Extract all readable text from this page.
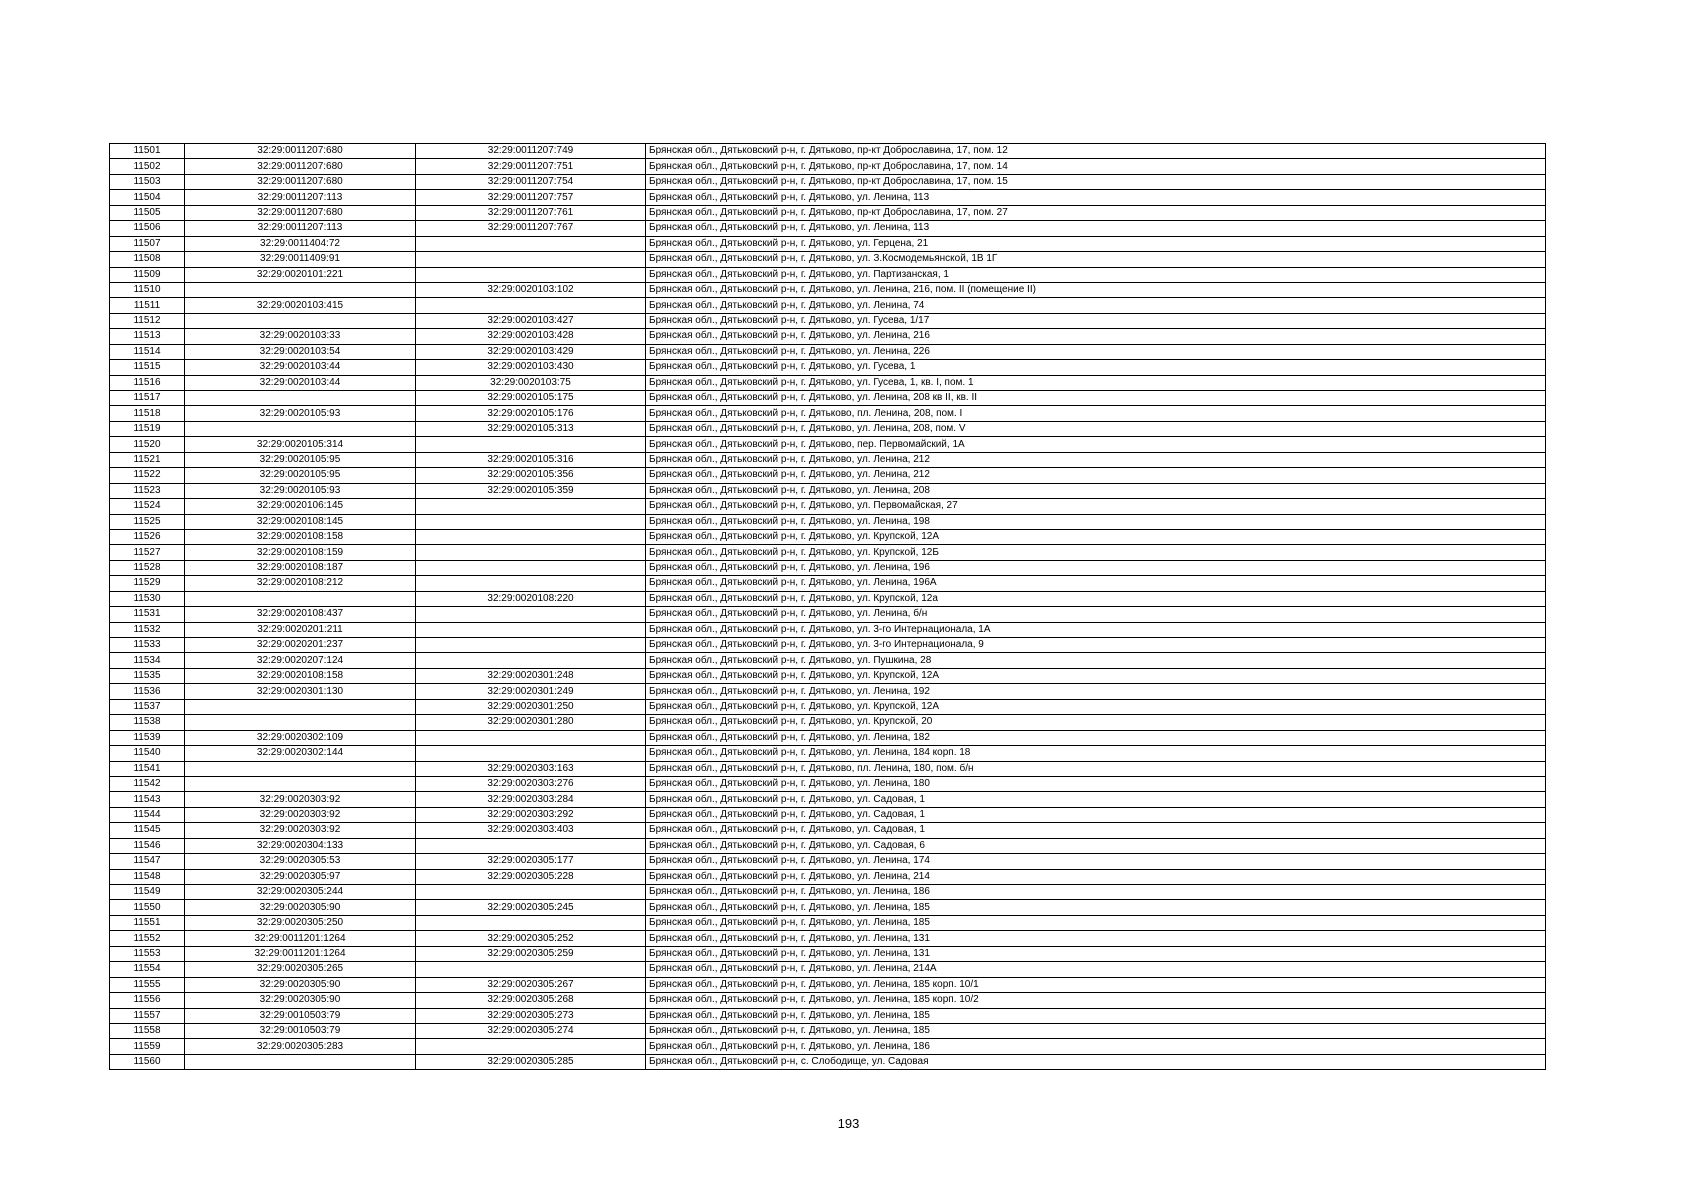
11501	32:29:0011207:680	32:29:0011207:749	Брянская обл., Дятьковский р-н, г. Дятьково, пр-кт Доброславина, 17, пом. 12
11502	32:29:0011207:680	32:29:0011207:751	Брянская обл., Дятьковский р-н, г. Дятьково, пр-кт Доброславина, 17, пом. 14
11503	32:29:0011207:680	32:29:0011207:754	Брянская обл., Дятьковский р-н, г. Дятьково, пр-кт Доброславина, 17, пом. 15
11504	32:29:0011207:113	32:29:0011207:757	Брянская обл., Дятьковский р-н, г. Дятьково, ул. Ленина, 113
11505	32:29:0011207:680	32:29:0011207:761	Брянская обл., Дятьковский р-н, г. Дятьково, пр-кт Доброславина, 17, пом. 27
11506	32:29:0011207:113	32:29:0011207:767	Брянская обл., Дятьковский р-н, г. Дятьково, ул. Ленина, 113
11507	32:29:0011404:72		Брянская обл., Дятьковский р-н, г. Дятьково, ул. Герцена, 21
11508	32:29:0011409:91		Брянская обл., Дятьковский р-н, г. Дятьково, ул. З.Космодемьянской, 1В 1Г
11509	32:29:0020101:221		Брянская обл., Дятьковский р-н, г. Дятьково, ул. Партизанская, 1
11510		32:29:0020103:102	Брянская обл., Дятьковский р-н, г. Дятьково, ул. Ленина, 216, пом. II (помещение II)
11511	32:29:0020103:415		Брянская обл., Дятьковский р-н, г. Дятьково, ул. Ленина, 74
11512		32:29:0020103:427	Брянская обл., Дятьковский р-н, г. Дятьково, ул. Гусева, 1/17
11513	32:29:0020103:33	32:29:0020103:428	Брянская обл., Дятьковский р-н, г. Дятьково, ул. Ленина, 216
11514	32:29:0020103:54	32:29:0020103:429	Брянская обл., Дятьковский р-н, г. Дятьково, ул. Ленина, 226
11515	32:29:0020103:44	32:29:0020103:430	Брянская обл., Дятьковский р-н, г. Дятьково, ул. Гусева, 1
11516	32:29:0020103:44	32:29:0020103:75	Брянская обл., Дятьковский р-н, г. Дятьково, ул. Гусева, 1, кв. I, пом. 1
11517		32:29:0020105:175	Брянская обл., Дятьковский р-н, г. Дятьково, ул. Ленина, 208 кв II, кв. II
11518	32:29:0020105:93	32:29:0020105:176	Брянская обл., Дятьковский р-н, г. Дятьково, пл. Ленина, 208, пом. I
11519		32:29:0020105:313	Брянская обл., Дятьковский р-н, г. Дятьково, ул. Ленина, 208, пом. V
11520	32:29:0020105:314		Брянская обл., Дятьковский р-н, г. Дятьково, пер. Первомайский, 1А
11521	32:29:0020105:95	32:29:0020105:316	Брянская обл., Дятьковский р-н, г. Дятьково, ул. Ленина, 212
11522	32:29:0020105:95	32:29:0020105:356	Брянская обл., Дятьковский р-н, г. Дятьково, ул. Ленина, 212
11523	32:29:0020105:93	32:29:0020105:359	Брянская обл., Дятьковский р-н, г. Дятьково, ул. Ленина, 208
11524	32:29:0020106:145		Брянская обл., Дятьковский р-н, г. Дятьково, ул. Первомайская, 27
11525	32:29:0020108:145		Брянская обл., Дятьковский р-н, г. Дятьково, ул. Ленина, 198
11526	32:29:0020108:158		Брянская обл., Дятьковский р-н, г. Дятьково, ул. Крупской, 12А
11527	32:29:0020108:159		Брянская обл., Дятьковский р-н, г. Дятьково, ул. Крупской, 12Б
11528	32:29:0020108:187		Брянская обл., Дятьковский р-н, г. Дятьково, ул. Ленина, 196
11529	32:29:0020108:212		Брянская обл., Дятьковский р-н, г. Дятьково, ул. Ленина, 196А
11530		32:29:0020108:220	Брянская обл., Дятьковский р-н, г. Дятьково, ул. Крупской, 12а
11531	32:29:0020108:437		Брянская обл., Дятьковский р-н, г. Дятьково, ул. Ленина, б/н
11532	32:29:0020201:211		Брянская обл., Дятьковский р-н, г. Дятьково, ул. 3-го Интернационала, 1А
11533	32:29:0020201:237		Брянская обл., Дятьковский р-н, г. Дятьково, ул. 3-го Интернационала, 9
11534	32:29:0020207:124		Брянская обл., Дятьковский р-н, г. Дятьково, ул. Пушкина, 28
11535	32:29:0020108:158	32:29:0020301:248	Брянская обл., Дятьковский р-н, г. Дятьково, ул. Крупской, 12А
11536	32:29:0020301:130	32:29:0020301:249	Брянская обл., Дятьковский р-н, г. Дятьково, ул. Ленина, 192
11537		32:29:0020301:250	Брянская обл., Дятьковский р-н, г. Дятьково, ул. Крупской, 12А
11538		32:29:0020301:280	Брянская обл., Дятьковский р-н, г. Дятьково, ул. Крупской, 20
11539	32:29:0020302:109		Брянская обл., Дятьковский р-н, г. Дятьково, ул. Ленина, 182
11540	32:29:0020302:144		Брянская обл., Дятьковский р-н, г. Дятьково, ул. Ленина, 184 корп. 18
11541		32:29:0020303:163	Брянская обл., Дятьковский р-н, г. Дятьково, пл. Ленина, 180, пом. б/н
11542		32:29:0020303:276	Брянская обл., Дятьковский р-н, г. Дятьково, ул. Ленина, 180
11543	32:29:0020303:92	32:29:0020303:284	Брянская обл., Дятьковский р-н, г. Дятьково, ул. Садовая, 1
11544	32:29:0020303:92	32:29:0020303:292	Брянская обл., Дятьковский р-н, г. Дятьково, ул. Садовая, 1
11545	32:29:0020303:92	32:29:0020303:403	Брянская обл., Дятьковский р-н, г. Дятьково, ул. Садовая, 1
11546	32:29:0020304:133		Брянская обл., Дятьковский р-н, г. Дятьково, ул. Садовая, 6
11547	32:29:0020305:53	32:29:0020305:177	Брянская обл., Дятьковский р-н, г. Дятьково, ул. Ленина, 174
11548	32:29:0020305:97	32:29:0020305:228	Брянская обл., Дятьковский р-н, г. Дятьково, ул. Ленина, 214
11549	32:29:0020305:244		Брянская обл., Дятьковский р-н, г. Дятьково, ул. Ленина, 186
11550	32:29:0020305:90	32:29:0020305:245	Брянская обл., Дятьковский р-н, г. Дятьково, ул. Ленина, 185
11551	32:29:0020305:250		Брянская обл., Дятьковский р-н, г. Дятьково, ул. Ленина, 185
11552	32:29:0011201:1264	32:29:0020305:252	Брянская обл., Дятьковский р-н, г. Дятьково, ул. Ленина, 131
11553	32:29:0011201:1264	32:29:0020305:259	Брянская обл., Дятьковский р-н, г. Дятьково, ул. Ленина, 131
11554	32:29:0020305:265		Брянская обл., Дятьковский р-н, г. Дятьково, ул. Ленина, 214А
11555	32:29:0020305:90	32:29:0020305:267	Брянская обл., Дятьковский р-н, г. Дятьково, ул. Ленина, 185 корп. 10/1
11556	32:29:0020305:90	32:29:0020305:268	Брянская обл., Дятьковский р-н, г. Дятьково, ул. Ленина, 185 корп. 10/2
11557	32:29:0010503:79	32:29:0020305:273	Брянская обл., Дятьковский р-н, г. Дятьково, ул. Ленина, 185
11558	32:29:0010503:79	32:29:0020305:274	Брянская обл., Дятьковский р-н, г. Дятьково, ул. Ленина, 185
11559	32:29:0020305:283		Брянская обл., Дятьковский р-н, г. Дятьково, ул. Ленина, 186
11560		32:29:0020305:285	Брянская обл., Дятьковский р-н, с. Слободище, ул. Садовая
193
